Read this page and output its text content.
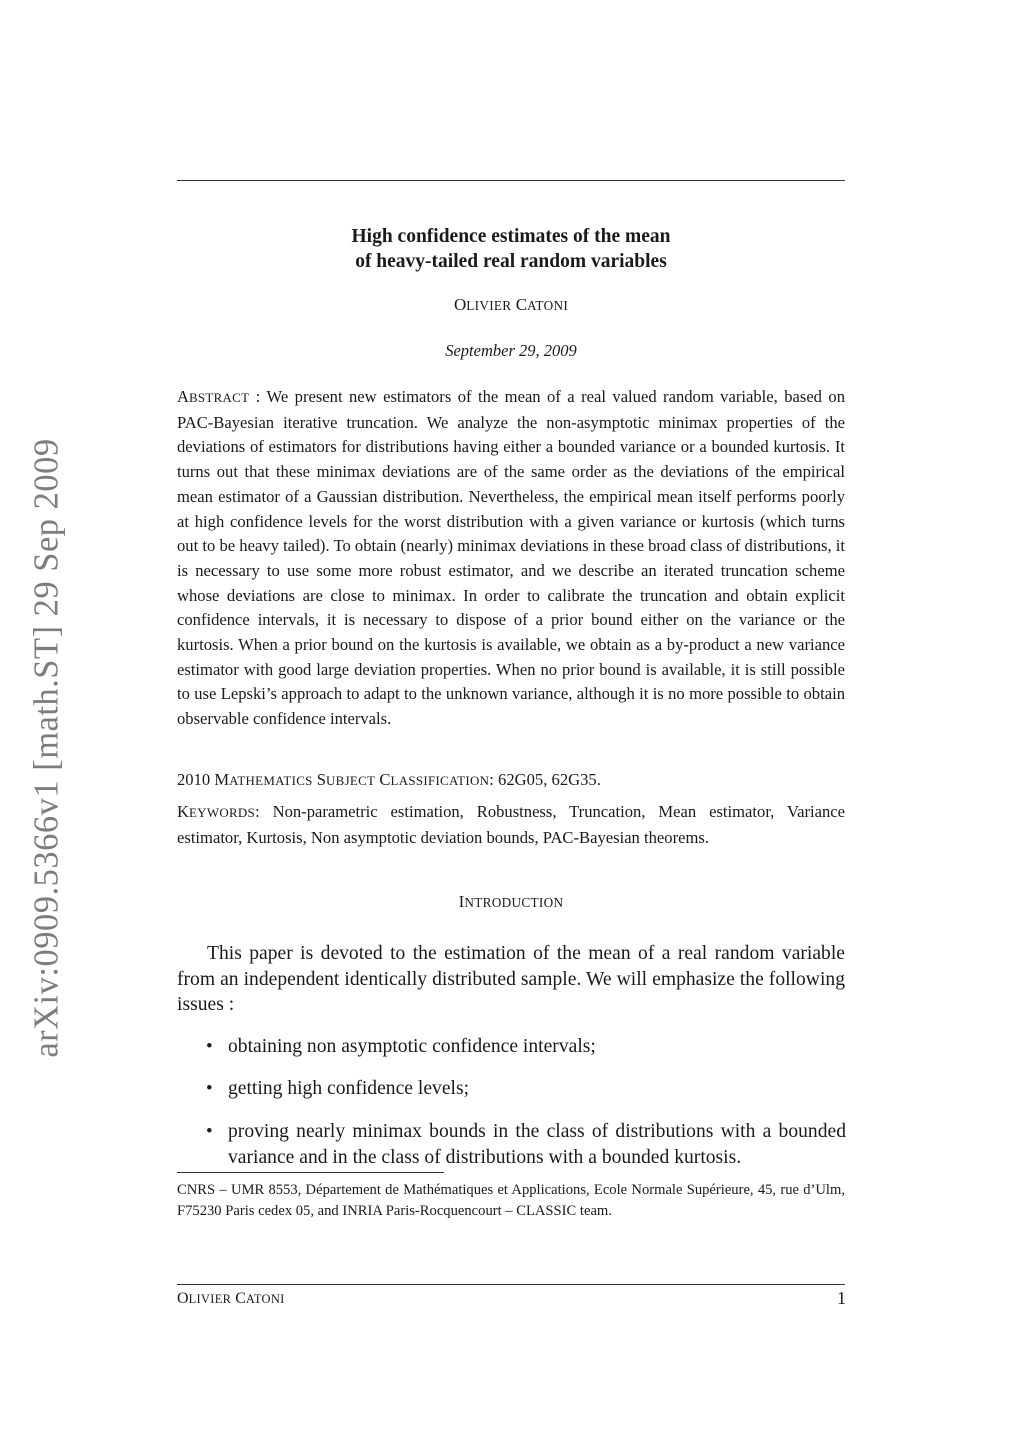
arXiv:0909.5366v1 [math.ST] 29 Sep 2009
High confidence estimates of the mean
of heavy-tailed real random variables
OLIVIER CATONI
September 29, 2009
ABSTRACT : We present new estimators of the mean of a real valued random variable, based on PAC-Bayesian iterative truncation. We analyze the non-asymptotic minimax properties of the deviations of estimators for distributions having either a bounded variance or a bounded kurtosis. It turns out that these minimax deviations are of the same order as the deviations of the empirical mean estimator of a Gaussian distribution. Nevertheless, the empirical mean itself performs poorly at high confidence levels for the worst distribution with a given variance or kurtosis (which turns out to be heavy tailed). To obtain (nearly) minimax deviations in these broad class of distributions, it is necessary to use some more robust estimator, and we describe an iterated truncation scheme whose deviations are close to minimax. In order to calibrate the truncation and obtain explicit confidence intervals, it is necessary to dispose of a prior bound either on the variance or the kurtosis. When a prior bound on the kurtosis is available, we obtain as a by-product a new variance estimator with good large deviation properties. When no prior bound is available, it is still possible to use Lepski’s approach to adapt to the unknown variance, although it is no more possible to obtain observable confidence intervals.
2010 MATHEMATICS SUBJECT CLASSIFICATION: 62G05, 62G35.
KEYWORDS: Non-parametric estimation, Robustness, Truncation, Mean estimator, Variance estimator, Kurtosis, Non asymptotic deviation bounds, PAC-Bayesian theorems.
INTRODUCTION
This paper is devoted to the estimation of the mean of a real random variable from an independent identically distributed sample. We will emphasize the following issues :
• obtaining non asymptotic confidence intervals;
• getting high confidence levels;
• proving nearly minimax bounds in the class of distributions with a bounded variance and in the class of distributions with a bounded kurtosis.
CNRS – UMR 8553, Département de Mathématiques et Applications, Ecole Normale Supérieure, 45, rue d’Ulm, F75230 Paris cedex 05, and INRIA Paris-Rocquencourt – CLASSIC team.
OLIVIER CATONI	1
